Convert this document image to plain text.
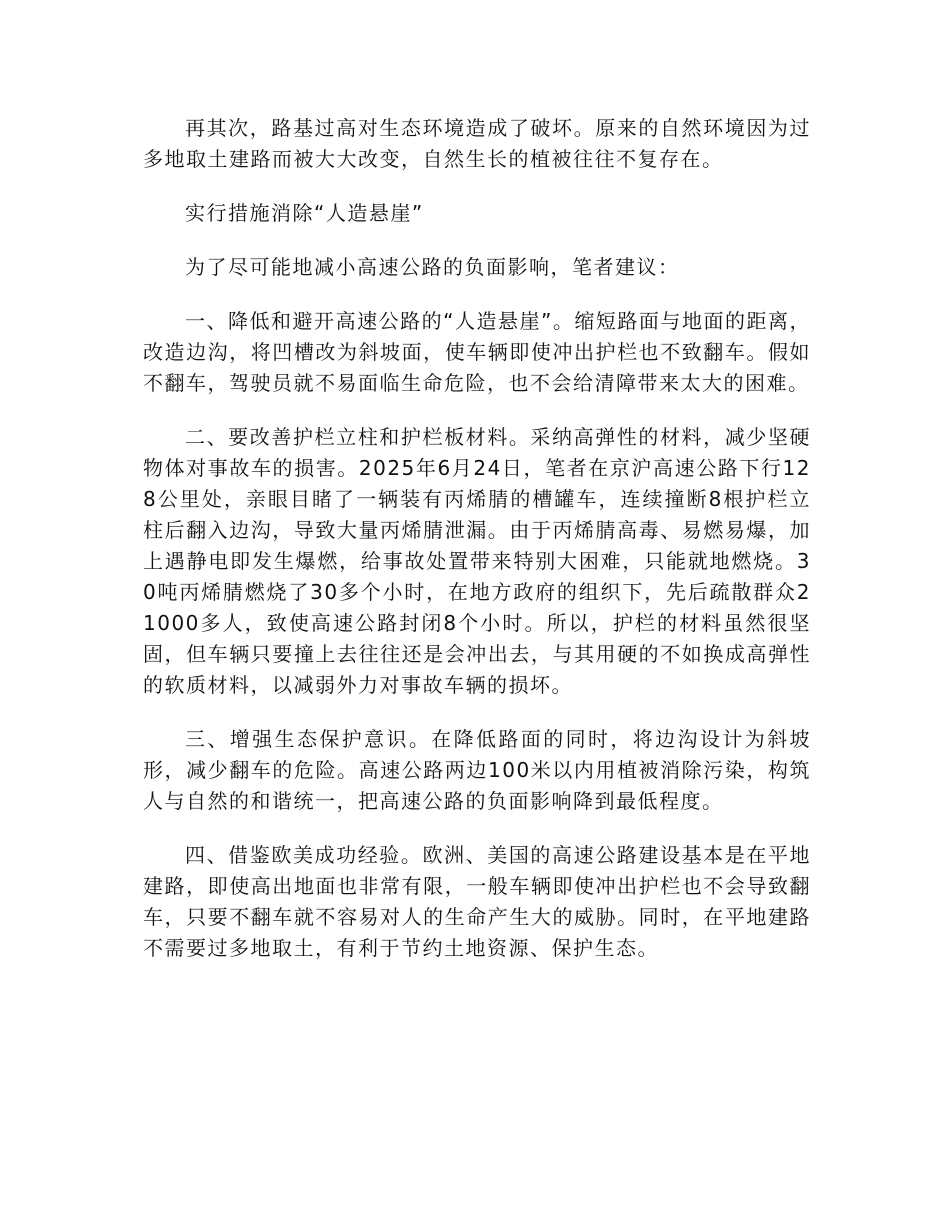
再其次，路基过高对生态环境造成了破坏。原来的自然环境因为过多地取土建路而被大大改变，自然生长的植被往往不复存在。

实行措施消除“人造悬崖”

为了尽可能地减小高速公路的负面影响，笔者建议：

一、降低和避开高速公路的“人造悬崖”。缩短路面与地面的距离，改造边沟，将凹槽改为斜坡面，使车辆即使冲出护栏也不致翻车。假如不翻车，驾驶员就不易面临生命危险，也不会给清障带来太大的困难。

二、要改善护栏立柱和护栏板材料。采纳高弹性的材料，减少坚硬物体对事故车的损害。2025年6月24日，笔者在京沪高速公路下行128公里处，亲眼目睹了一辆装有丙烯腈的槽罐车，连续撞断8根护栏立柱后翻入边沟，导致大量丙烯腈泄漏。由于丙烯腈高毒、易燃易爆，加上遇静电即发生爆燃，给事故处置带来特别大困难，只能就地燃烧。30吨丙烯腈燃烧了30多个小时，在地方政府的组织下，先后疏散群众21000多人，致使高速公路封闭8个小时。所以，护栏的材料虽然很坚固，但车辆只要撞上去往往还是会冲出去，与其用硬的不如换成高弹性的软质材料，以减弱外力对事故车辆的损坏。

三、增强生态保护意识。在降低路面的同时，将边沟设计为斜坡形，减少翻车的危险。高速公路两边100米以内用植被消除污染，构筑人与自然的和谐统一，把高速公路的负面影响降到最低程度。

四、借鉴欧美成功经验。欧洲、美国的高速公路建设基本是在平地建路，即使高出地面也非常有限，一般车辆即使冲出护栏也不会导致翻车，只要不翻车就不容易对人的生命产生大的威胁。同时，在平地建路不需要过多地取土，有利于节约土地资源、保护生态。
